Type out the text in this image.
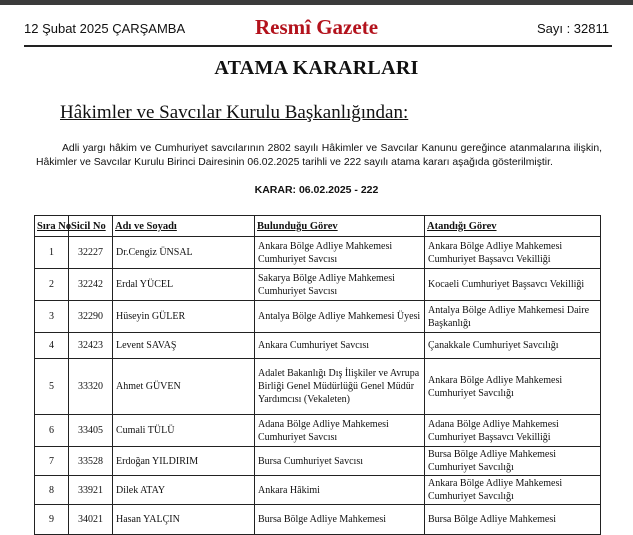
12 Şubat 2025 ÇARŞAMBA	Resmî Gazete	Sayı : 32811
ATAMA KARARLARI
Hâkimler ve Savcılar Kurulu Başkanlığından:
Adli yargı hâkim ve Cumhuriyet savcılarının 2802 sayılı Hâkimler ve Savcılar Kanunu gereğince atanmalarına ilişkin, Hâkimler ve Savcılar Kurulu Birinci Dairesinin 06.02.2025 tarihli ve 222 sayılı atama kararı aşağıda gösterilmiştir.
KARAR: 06.02.2025 - 222
Sıra No	Sicil No	Adı ve Soyadı	Bulunduğu Görev	Atandığı Görev
1	32227	Dr.Cengiz ÜNSAL	Ankara Bölge Adliye Mahkemesi Cumhuriyet Savcısı	Ankara Bölge Adliye Mahkemesi Cumhuriyet Başsavcı Vekilliği
2	32242	Erdal YÜCEL	Sakarya Bölge Adliye Mahkemesi Cumhuriyet Savcısı	Kocaeli Cumhuriyet Başsavcı Vekilliği
3	32290	Hüseyin GÜLER	Antalya Bölge Adliye Mahkemesi Üyesi	Antalya Bölge Adliye Mahkemesi Daire Başkanlığı
4	32423	Levent SAVAŞ	Ankara Cumhuriyet Savcısı	Çanakkale Cumhuriyet Savcılığı
5	33320	Ahmet GÜVEN	Adalet Bakanlığı Dış İlişkiler ve Avrupa Birliği Genel Müdürlüğü Genel Müdür Yardımcısı (Vekaleten)	Ankara Bölge Adliye Mahkemesi Cumhuriyet Savcılığı
6	33405	Cumali TÜLÜ	Adana Bölge Adliye Mahkemesi Cumhuriyet Savcısı	Adana Bölge Adliye Mahkemesi Cumhuriyet Başsavcı Vekilliği
7	33528	Erdoğan YILDIRIM	Bursa Cumhuriyet Savcısı	Bursa Bölge Adliye Mahkemesi Cumhuriyet Savcılığı
8	33921	Dilek ATAY	Ankara Hâkimi	Ankara Bölge Adliye Mahkemesi Cumhuriyet Savcılığı
9	34021	Hasan YALÇIN	Bursa Bölge Adliye Mahkemesi	Bursa Bölge Adliye Mahkemesi
